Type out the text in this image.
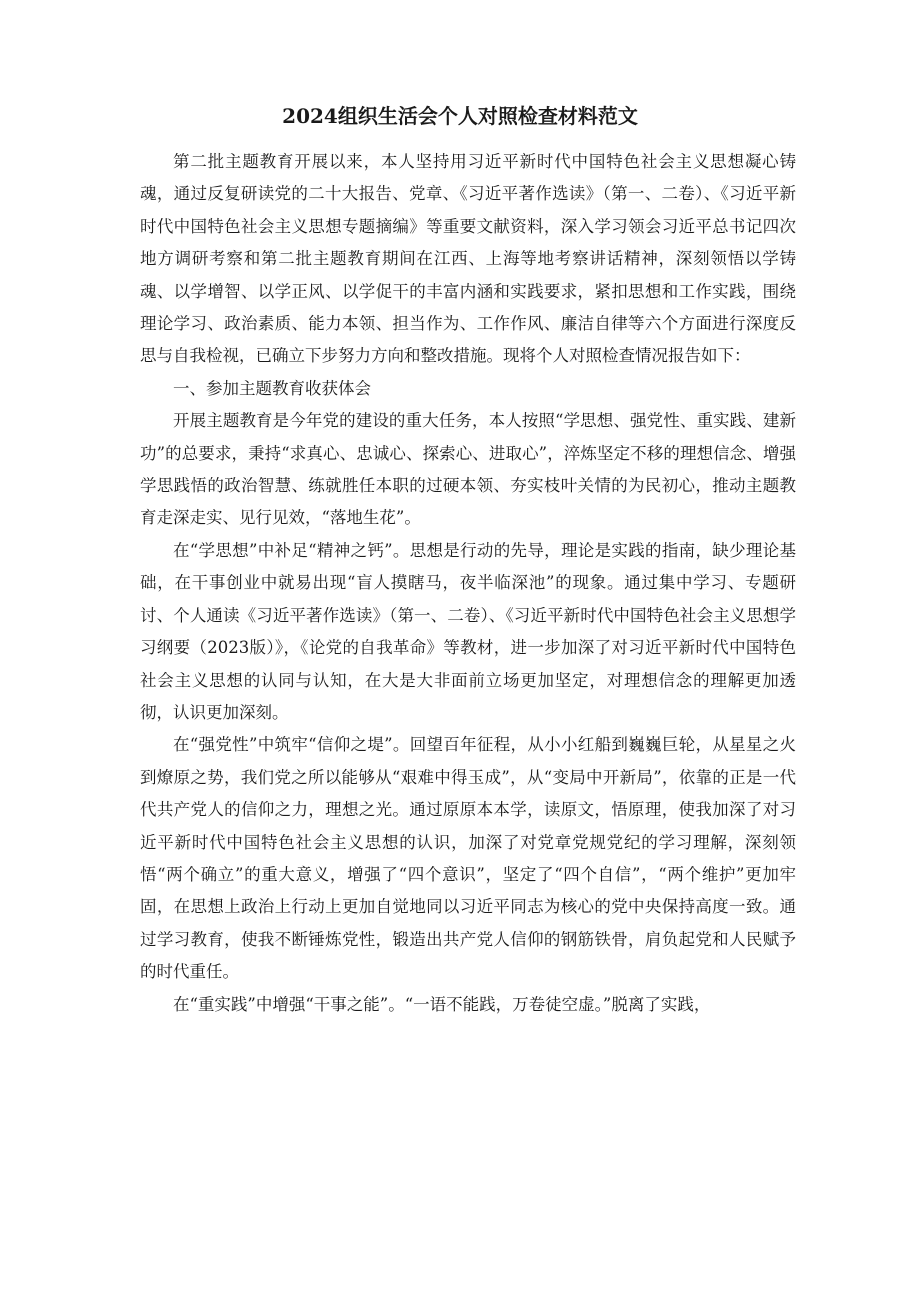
2024组织生活会个人对照检查材料范文

第二批主题教育开展以来，本人坚持用习近平新时代中国特色社会主义思想凝心铸魂，通过反复研读党的二十大报告、党章、《习近平著作选读》（第一、二卷）、《习近平新时代中国特色社会主义思想专题摘编》等重要文献资料，深入学习领会习近平总书记四次地方调研考察和第二批主题教育期间在江西、上海等地考察讲话精神，深刻领悟以学铸魂、以学增智、以学正风、以学促干的丰富内涵和实践要求，紧扣思想和工作实践，围绕理论学习、政治素质、能力本领、担当作为、工作作风、廉洁自律等六个方面进行深度反思与自我检视，已确立下步努力方向和整改措施。现将个人对照检查情况报告如下：

一、参加主题教育收获体会

开展主题教育是今年党的建设的重大任务，本人按照“学思想、强党性、重实践、建新功”的总要求，秉持“求真心、忠诚心、探索心、进取心”，淬炼坚定不移的理想信念、增强学思践悟的政治智慧、练就胜任本职的过硬本领、夯实枝叶关情的为民初心，推动主题教育走深走实、见行见效，“落地生花”。

在“学思想”中补足“精神之钙”。思想是行动的先导，理论是实践的指南，缺少理论基础，在干事创业中就易出现“盲人摸瞎马，夜半临深池”的现象。通过集中学习、专题研讨、个人通读《习近平著作选读》（第一、二卷）、《习近平新时代中国特色社会主义思想学习纲要（2023版）》，《论党的自我革命》等教材，进一步加深了对习近平新时代中国特色社会主义思想的认同与认知，在大是大非面前立场更加坚定，对理想信念的理解更加透彻，认识更加深刻。

在“强党性”中筑牢“信仰之堤”。回望百年征程，从小小红船到巍巍巨轮，从星星之火到燎原之势，我们党之所以能够从“艰难中得玉成”，从“变局中开新局”，依靠的正是一代代共产党人的信仰之力，理想之光。通过原原本本学，读原文，悟原理，使我加深了对习近平新时代中国特色社会主义思想的认识，加深了对党章党规党纪的学习理解，深刻领悟“两个确立”的重大意义，增强了“四个意识”，坚定了“四个自信”，“两个维护”更加牢固，在思想上政治上行动上更加自觉地同以习近平同志为核心的党中央保持高度一致。通过学习教育，使我不断锤炼党性，锻造出共产党人信仰的钢筋铁骨，肩负起党和人民赋予的时代重任。

在“重实践”中增强“干事之能”。“一语不能践，万卷徒空虚。”脱离了实践，
